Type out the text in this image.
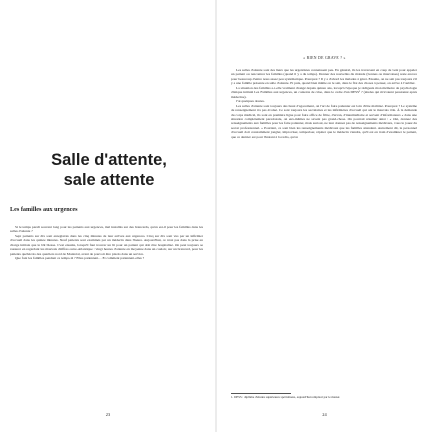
Salle d'attente,
sale attente
Les familles aux urgences

Si le temps paraît souvent long pour les patients aux urgences, mal installés sur des brancards, qu'en est-il pour les familles dans les salles d'attente ?

Sept patients sur dix sont enregistrés dans les cinq minutes de leur arrivée aux urgences. Cinq sur dix sont vus par un infirmier d'accueil dans les quinze minutes. Neuf patients sont examinés par un médecin dans l'heure. Aujourd'hui, ce n'est pas dans la prise en charge initiale que le bât blesse. C'est ensuite, lorsqu'il faut trouver un lit pour un patient qui doit être hospitalisé. On peut toujours se rassurer en regardant les mauvais chiffres outre-Atlantique : vingt heures d'attente en moyenne dans un couloir, sur un brancard, pour les patients québécois des quartiers nord de Montréal, avant de pouvoir être placés dans un service.

Que font les familles pendant ce temps-là ? Elles patientent… Et comment patientent-elles ?

23
« RIEN DE GRAVE ? »

Les salles d'attente sont des lieux que les urgentistes connaissent peu. En général, ils les traversent en coup de vent pour appeler un patient ou rencontrer les familles (quand il y a du temps). Donner des nouvelles du malade (bonnes ou mauvaises) reste encore pour beaucoup d'entre nous assez peu systématique. Pourquoi ? Il y a d'abord les malades à gérer. Ensuite, on ne sait pas toujours s'il y a une famille présente en salle d'attente. Et puis, quand bien même on le sait, dans le flot des choses à penser, on arrive à l'oublier.

La situation des familles a-t-elle vraiment changé depuis quinze ans, lorsqu'à l'époque je rédigeais mon mémoire de psychologie clinique intitulé Les Familles aux urgences, un contexte de crise, dans le cadre d'un DESS¹ ? (études qui m'avaient passionné après médecine).

J'ai quelques doutes.

Les salles d'attente sont toujours des lieux d'agacement, où l'art de faire patienter est loin d'être maîtrisé. Pourquoi ? Le système de renseignement n'a pas évolué. Ce sont toujours les secrétaires et les infirmières d'accueil qui ont le mauvais rôle. À la demande du corps médical, ils sont en première ligne pour faire office de filtre, d'écran, d'intermédiaire et servent d'informateurs « dans une situation complètement paradoxale, où eux-mêmes ne savent pas grand-chose. On pourrait résumer ainsi : « Oui, donnez des renseignements aux familles pour les faire patienter, mais surtout, ne leur donnez pas de renseignements médicaux, vous le jouez du secret professionnel. » Pourtant, ce sont bien les renseignements médicaux que les familles attendent. Autrement dit, le personnel d'accueil doit constamment jongler, improviser, temporiser, répéter que le médecin viendra, qu'il est en train d'examiner le patient, que ce dernier est pour l'instant à la radio, qu'on

1. DESS : diplôme d'études supérieures spécialisées, aujourd'hui remplacé par le master.

24
